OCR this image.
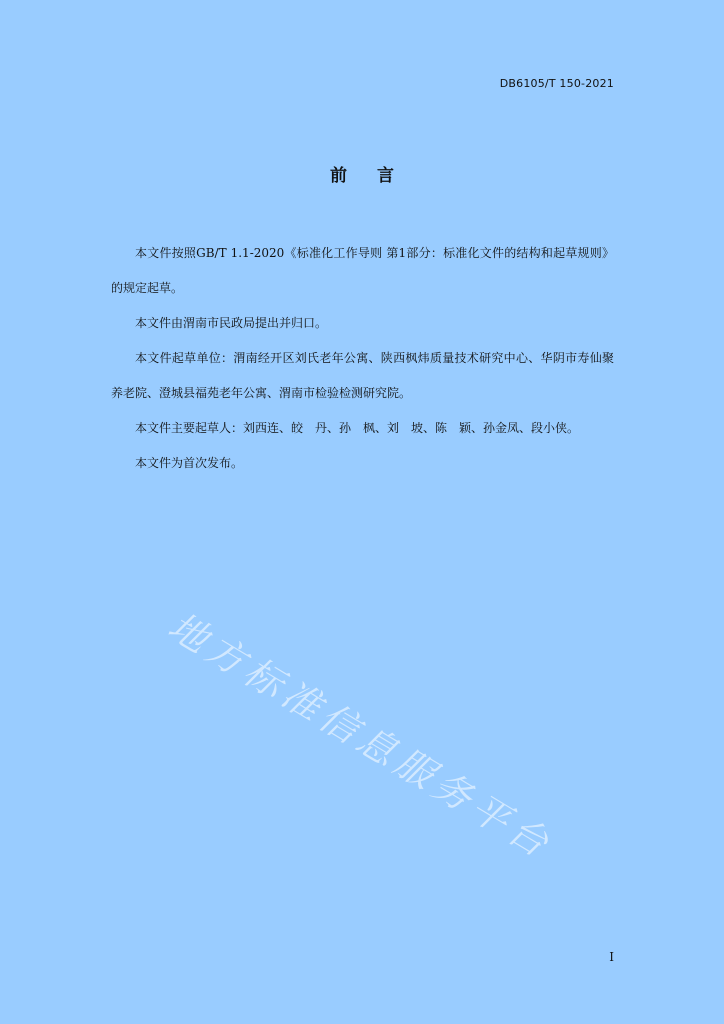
DB6105/T 150-2021
前言

本文件按照GB/T 1.1-2020《标准化工作导则 第1部分：标准化文件的结构和起草规则》的规定起草。

本文件由渭南市民政局提出并归口。

本文件起草单位：渭南经开区刘氏老年公寓、陕西枫炜质量技术研究中心、华阴市寿仙聚养老院、澄城县福苑老年公寓、渭南市检验检测研究院。

本文件主要起草人：刘西连、皎　丹、孙　枫、刘　坡、陈　颖、孙金凤、段小侠。

本文件为首次发布。

地方标准信息服务平台
I
